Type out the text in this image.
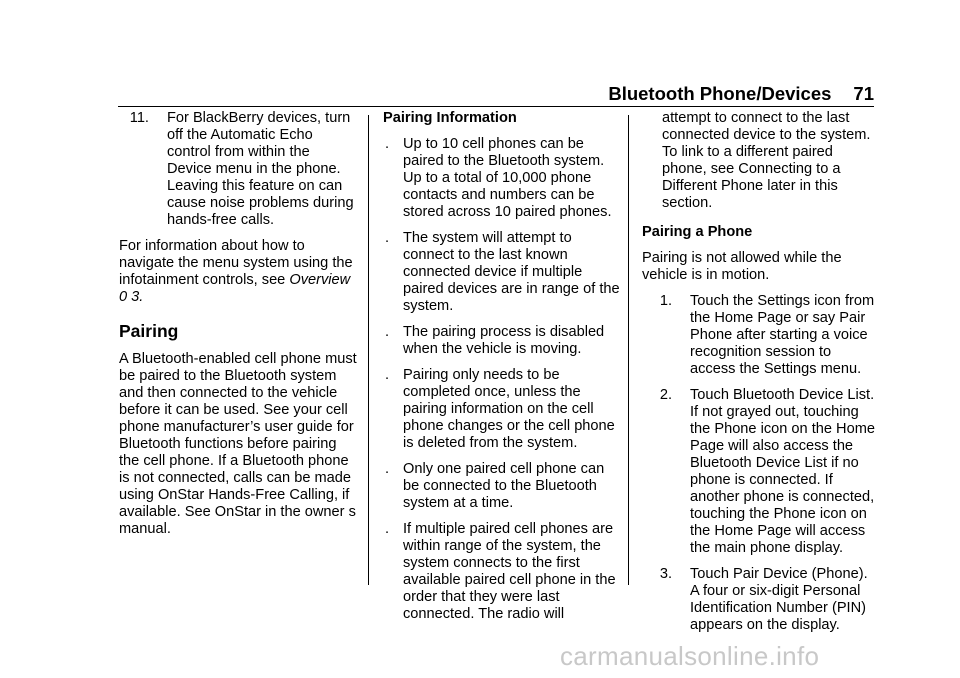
Bluetooth Phone/Devices 71
11. For BlackBerry devices, turn off the Automatic Echo control from within the Device menu in the phone. Leaving this feature on can cause noise problems during hands-free calls.

For information about how to navigate the menu system using the infotainment controls, see Overview
0 3.

Pairing

A Bluetooth-enabled cell phone must be paired to the Bluetooth system and then connected to the vehicle before it can be used. See your cell phone manufacturer’s user guide for Bluetooth functions before pairing the cell phone. If a Bluetooth phone is not connected, calls can be made using OnStar Hands-Free Calling, if available. See OnStar in the owner s manual.

Pairing Information
. Up to 10 cell phones can be paired to the Bluetooth system. Up to a total of 10,000 phone contacts and numbers can be stored across 10 paired phones.
. The system will attempt to connect to the last known connected device if multiple paired devices are in range of the system.
. The pairing process is disabled when the vehicle is moving.
. Pairing only needs to be completed once, unless the pairing information on the cell phone changes or the cell phone is deleted from the system.
. Only one paired cell phone can be connected to the Bluetooth system at a time.
. If multiple paired cell phones are within range of the system, the system connects to the first available paired cell phone in the order that they were last connected. The radio will

attempt to connect to the last connected device to the system. To link to a different paired phone, see Connecting to a Different Phone later in this section.

Pairing a Phone

Pairing is not allowed while the vehicle is in motion.

1. Touch the Settings icon from the Home Page or say Pair Phone after starting a voice recognition session to access the Settings menu.
2. Touch Bluetooth Device List. If not grayed out, touching the Phone icon on the Home Page will also access the Bluetooth Device List if no phone is connected. If another phone is connected, touching the Phone icon on the Home Page will access the main phone display.
3. Touch Pair Device (Phone). A four or six-digit Personal Identification Number (PIN) appears on the display.
carmanualsonline.info
